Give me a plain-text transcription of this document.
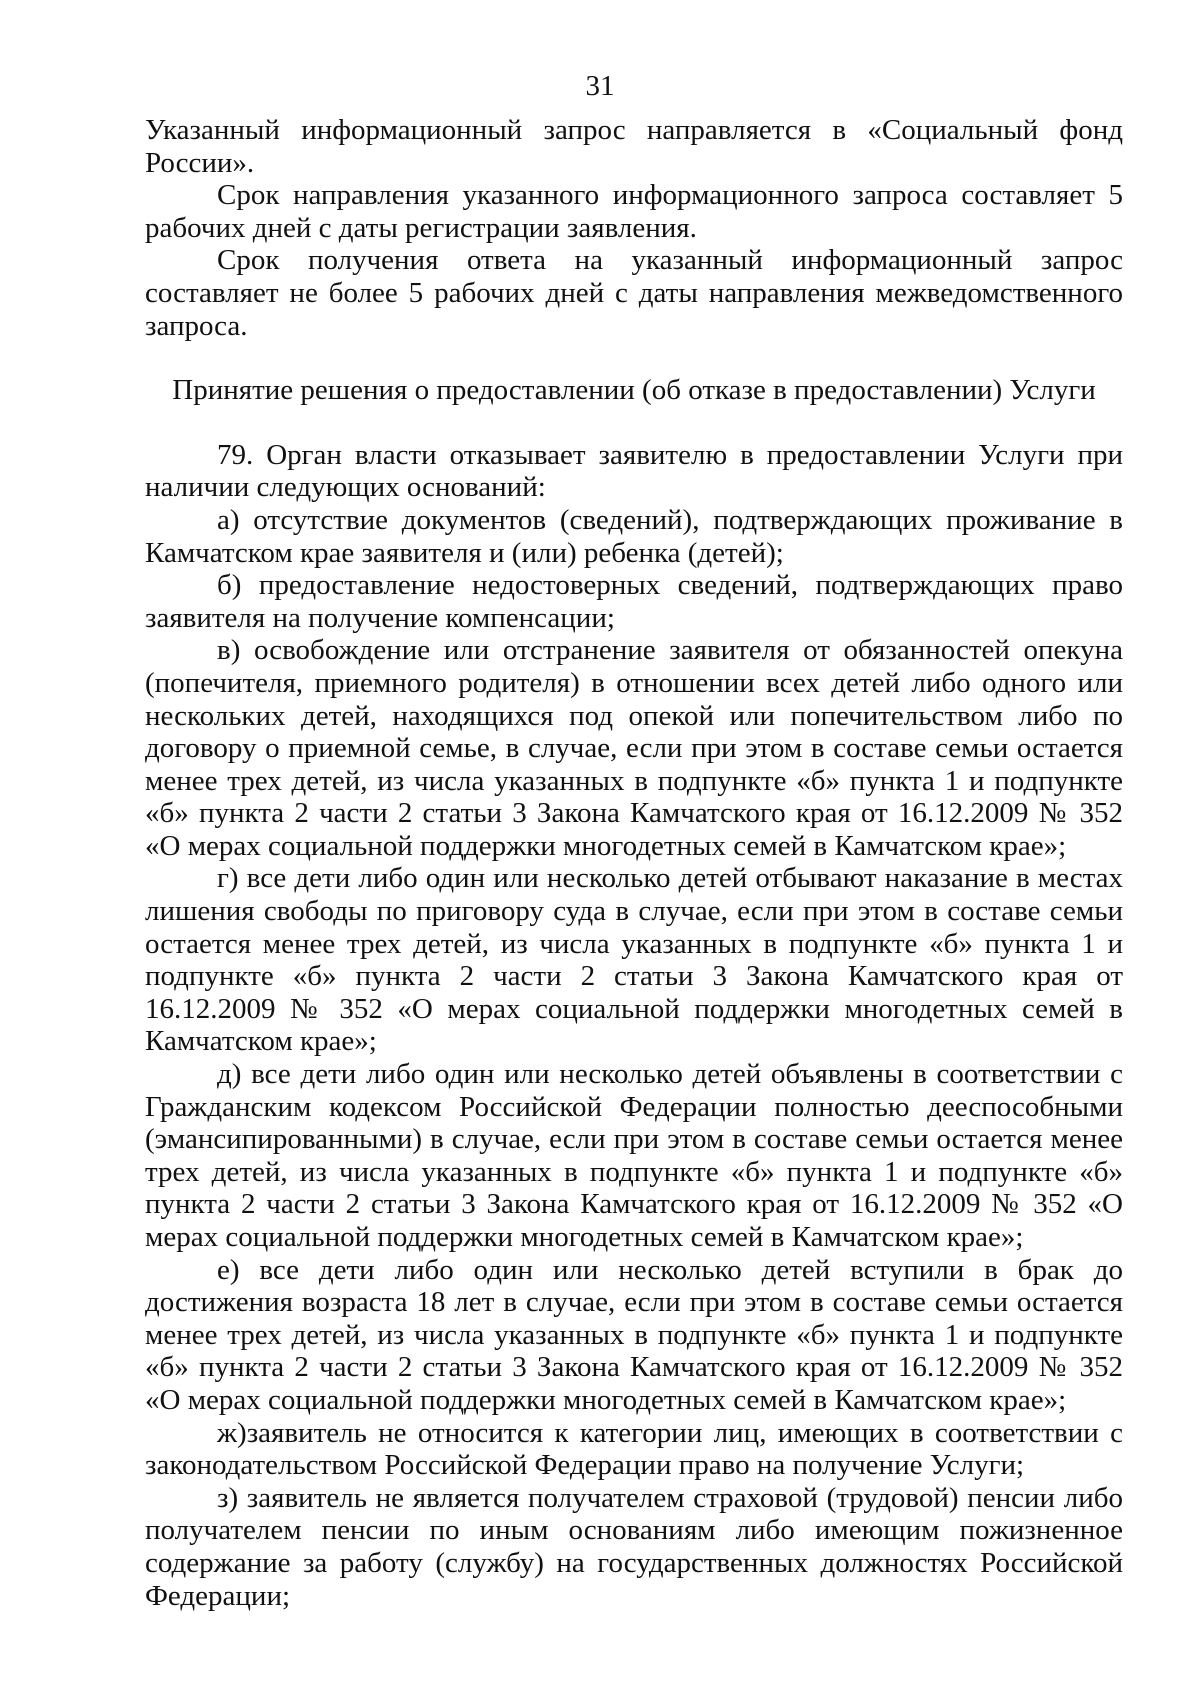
31

Указанный информационный запрос направляется в «Социальный фонд России».

Срок направления указанного информационного запроса составляет 5 рабочих дней с даты регистрации заявления.

Срок получения ответа на указанный информационный запрос составляет не более 5 рабочих дней с даты направления межведомственного запроса.

Принятие решения о предоставлении (об отказе в предоставлении) Услуги

79. Орган власти отказывает заявителю в предоставлении Услуги при наличии следующих оснований:

а) отсутствие документов (сведений), подтверждающих проживание в Камчатском крае заявителя и (или) ребенка (детей);

б) предоставление недостоверных сведений, подтверждающих право заявителя на получение компенсации;

в) освобождение или отстранение заявителя от обязанностей опекуна (попечителя, приемного родителя) в отношении всех детей либо одного или нескольких детей, находящихся под опекой или попечительством либо по договору о приемной семье, в случае, если при этом в составе семьи остается менее трех детей, из числа указанных в подпункте «б» пункта 1 и подпункте «б» пункта 2 части 2 статьи 3 Закона Камчатского края от 16.12.2009 № 352 «О мерах социальной поддержки многодетных семей в Камчатском крае»;

г) все дети либо один или несколько детей отбывают наказание в местах лишения свободы по приговору суда в случае, если при этом в составе семьи остается менее трех детей, из числа указанных в подпункте «б» пункта 1 и подпункте «б» пункта 2 части 2 статьи 3 Закона Камчатского края от 16.12.2009 № 352 «О мерах социальной поддержки многодетных семей в Камчатском крае»;

д) все дети либо один или несколько детей объявлены в соответствии с Гражданским кодексом Российской Федерации полностью дееспособными (эмансипированными) в случае, если при этом в составе семьи остается менее трех детей, из числа указанных в подпункте «б» пункта 1 и подпункте «б» пункта 2 части 2 статьи 3 Закона Камчатского края от 16.12.2009 № 352 «О мерах социальной поддержки многодетных семей в Камчатском крае»;

е) все дети либо один или несколько детей вступили в брак до достижения возраста 18 лет в случае, если при этом в составе семьи остается менее трех детей, из числа указанных в подпункте «б» пункта 1 и подпункте «б» пункта 2 части 2 статьи 3 Закона Камчатского края от 16.12.2009 № 352 «О мерах социальной поддержки многодетных семей в Камчатском крае»;

ж)заявитель не относится к категории лиц, имеющих в соответствии с законодательством Российской Федерации право на получение Услуги;

з) заявитель не является получателем страховой (трудовой) пенсии либо получателем пенсии по иным основаниям либо имеющим пожизненное содержание за работу (службу) на государственных должностях Российской Федерации;
